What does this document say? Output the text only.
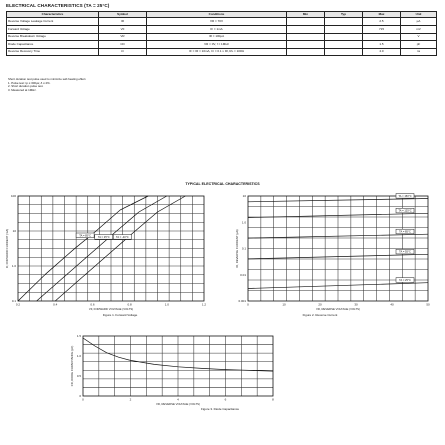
ELECTRICAL CHARACTERISTICS (TA = 25°C)
Characteristics	Symbol	Conditions	Min	Typ	Max	Unit
Reverse Voltage Leakage Current	IR	VR = 70V			2.5	µA
Forward Voltage	VF	IF = 1mA			715	mV
Reverse Breakdown Voltage	VR	IR = 100µA				V
Diode Capacitance	CD	VR = 0V, f = 1MHz			1.5	pF
Reverse Recovery Time	trr	IF = IR = 10mA, Irr = 0.1 x IR, RL = 100Ω			4.0	ns
Short duration test pulse used to minimize self-heating effect.
1. Pulse test: tp ≤ 300µs; δ ≤ 2%.
2. Short duration pulse test.
3. Measured at 1MHz.
TYPICAL ELECTRICAL CHARACTERISTICS
0.2	0.4	0.6	0.8	1.0	1.2
100
10
1.0
0.1
VF, FORWARD VOLTAGE (VOLTS)
IF, FORWARD CURRENT (mA)	TA = 85°C
TA = 25°C TA = -40°C
0	10	20	30	40	50
10
1.0
0.1
0.01
0.001
VR, REVERSE VOLTAGE (VOLTS)
IR, REVERSE CURRENT (µA)
TA = 150°C
TA = 125°C
TA = 85°C
TA = 55°C
TA = 25°C
0	2	4	6	8
1.5
1.0
0.5
0
VR, REVERSE VOLTAGE (VOLTS)
CD, DIODE CAPACITANCE (pF)
Figure 1. Forward Voltage	Figure 2. Reverse Current
Figure 3. Diode Capacitance
